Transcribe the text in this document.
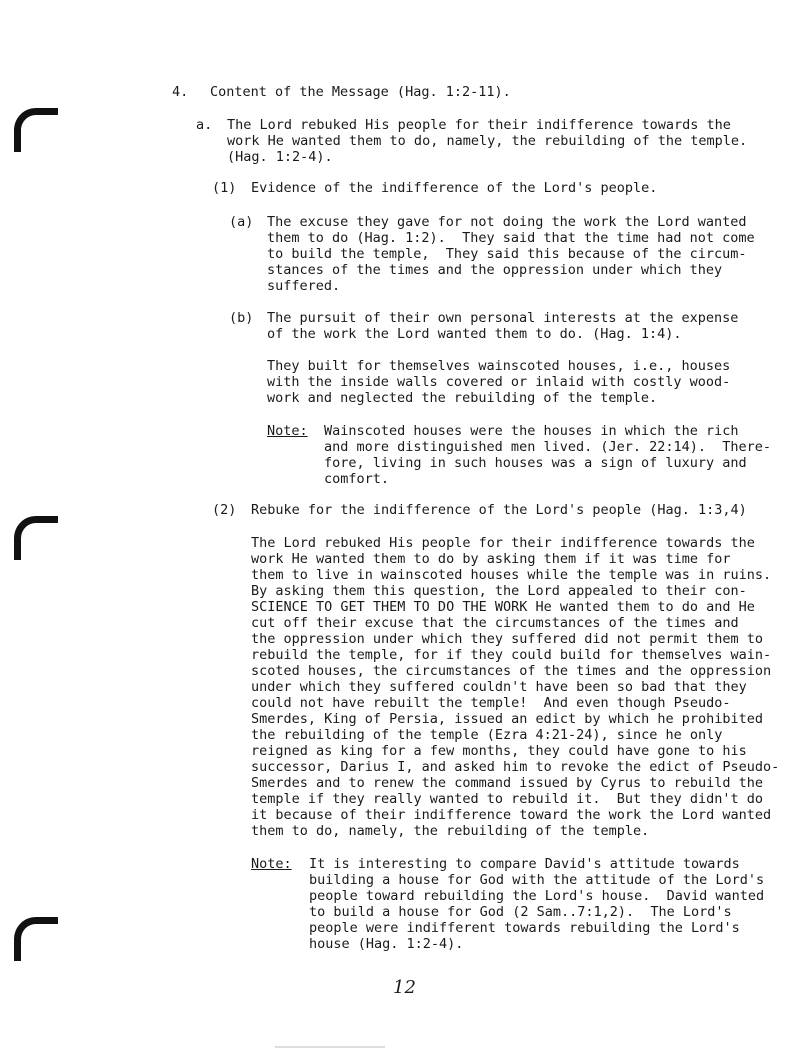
4. Content of the Message (Hag. 1:2-11).
a. The Lord rebuked His people for their indifference towards the
work He wanted them to do, namely, the rebuilding of the temple.
(Hag. 1:2-4).
(1) Evidence of the indifference of the Lord's people.
(a) The excuse they gave for not doing the work the Lord wanted
them to do (Hag. 1:2).  They said that the time had not come
to build the temple,  They said this because of the circum-
stances of the times and the oppression under which they
suffered.
(b) The pursuit of their own personal interests at the expense
of the work the Lord wanted them to do. (Hag. 1:4).
They built for themselves wainscoted houses, i.e., houses
with the inside walls covered or inlaid with costly wood-
work and neglected the rebuilding of the temple.
Note: Wainscoted houses were the houses in which the rich
and more distinguished men lived. (Jer. 22:14).  There-
fore, living in such houses was a sign of luxury and
comfort.
(2) Rebuke for the indifference of the Lord's people (Hag. 1:3,4)
The Lord rebuked His people for their indifference towards the
work He wanted them to do by asking them if it was time for
them to live in wainscoted houses while the temple was in ruins.
By asking them this question, the Lord appealed to their con-
SCIENCE TO GET THEM TO DO THE WORK He wanted them to do and He
cut off their excuse that the circumstances of the times and
the oppression under which they suffered did not permit them to
rebuild the temple, for if they could build for themselves wain-
scoted houses, the circumstances of the times and the oppression
under which they suffered couldn't have been so bad that they
could not have rebuilt the temple!  And even though Pseudo-
Smerdes, King of Persia, issued an edict by which he prohibited
the rebuilding of the temple (Ezra 4:21-24), since he only
reigned as king for a few months, they could have gone to his
successor, Darius I, and asked him to revoke the edict of Pseudo-
Smerdes and to renew the command issued by Cyrus to rebuild the
temple if they really wanted to rebuild it.  But they didn't do
it because of their indifference toward the work the Lord wanted
them to do, namely, the rebuilding of the temple.
Note: It is interesting to compare David's attitude towards
building a house for God with the attitude of the Lord's
people toward rebuilding the Lord's house.  David wanted
to build a house for God (2 Sam..7:1,2).  The Lord's
people were indifferent towards rebuilding the Lord's
house (Hag. 1:2-4).
12
